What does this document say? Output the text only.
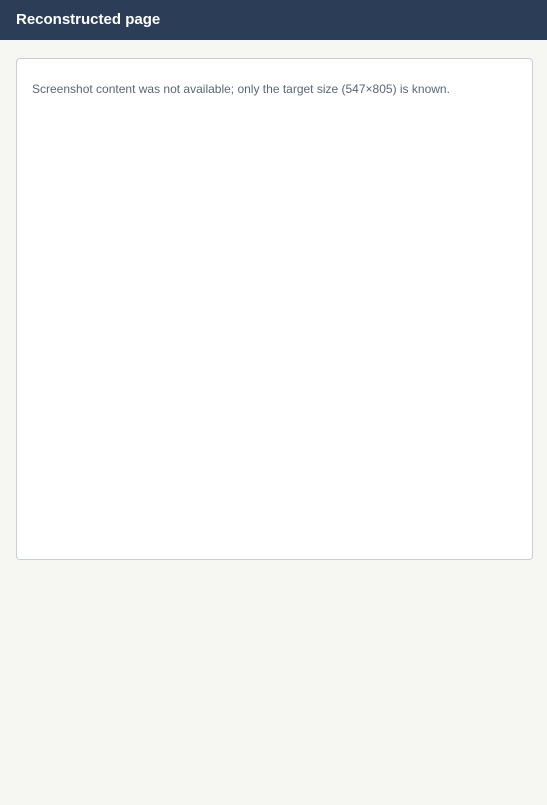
Reconstructed page
Screenshot content was not available; only the target size (547×805) is known.
